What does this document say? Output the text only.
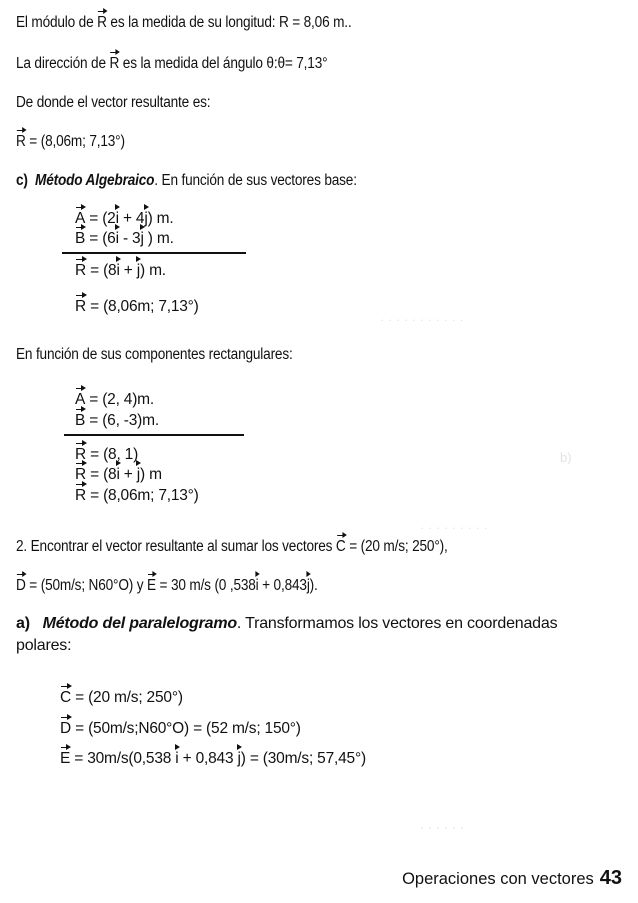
El módulo de R es la medida de su longitud: R = 8,06 m..
La dirección de R es la medida del ángulo θ:θ= 7,13°
De donde el vector resultante es:
R = (8,06m; 7,13°)
c) Método Algebraico. En función de sus vectores base:
A = (2i + 4j) m.
B = (6i - 3j ) m.
R = (8i + j) m.
R = (8,06m; 7,13°)
En función de sus componentes rectangulares:
A = (2, 4)m.
B = (6, -3)m.
R = (8, 1)
R = (8i + j) m
R = (8,06m; 7,13°)
· · · · · · · · · · ·
b)
· · · · · · · · ·
· · · · · ·
2. Encontrar el vector resultante al sumar los vectores C = (20 m/s; 250°),
D = (50m/s; N60°O) y E = 30 m/s (0 ,538i + 0,843j).
a) Método del paralelogramo. Transformamos los vectores en coordenadas
polares:
C = (20 m/s; 250°)
D = (50m/s;N60°O) = (52 m/s; 150°)
E = 30m/s(0,538 i + 0,843 j) = (30m/s; 57,45°)
Operaciones con vectores 43
